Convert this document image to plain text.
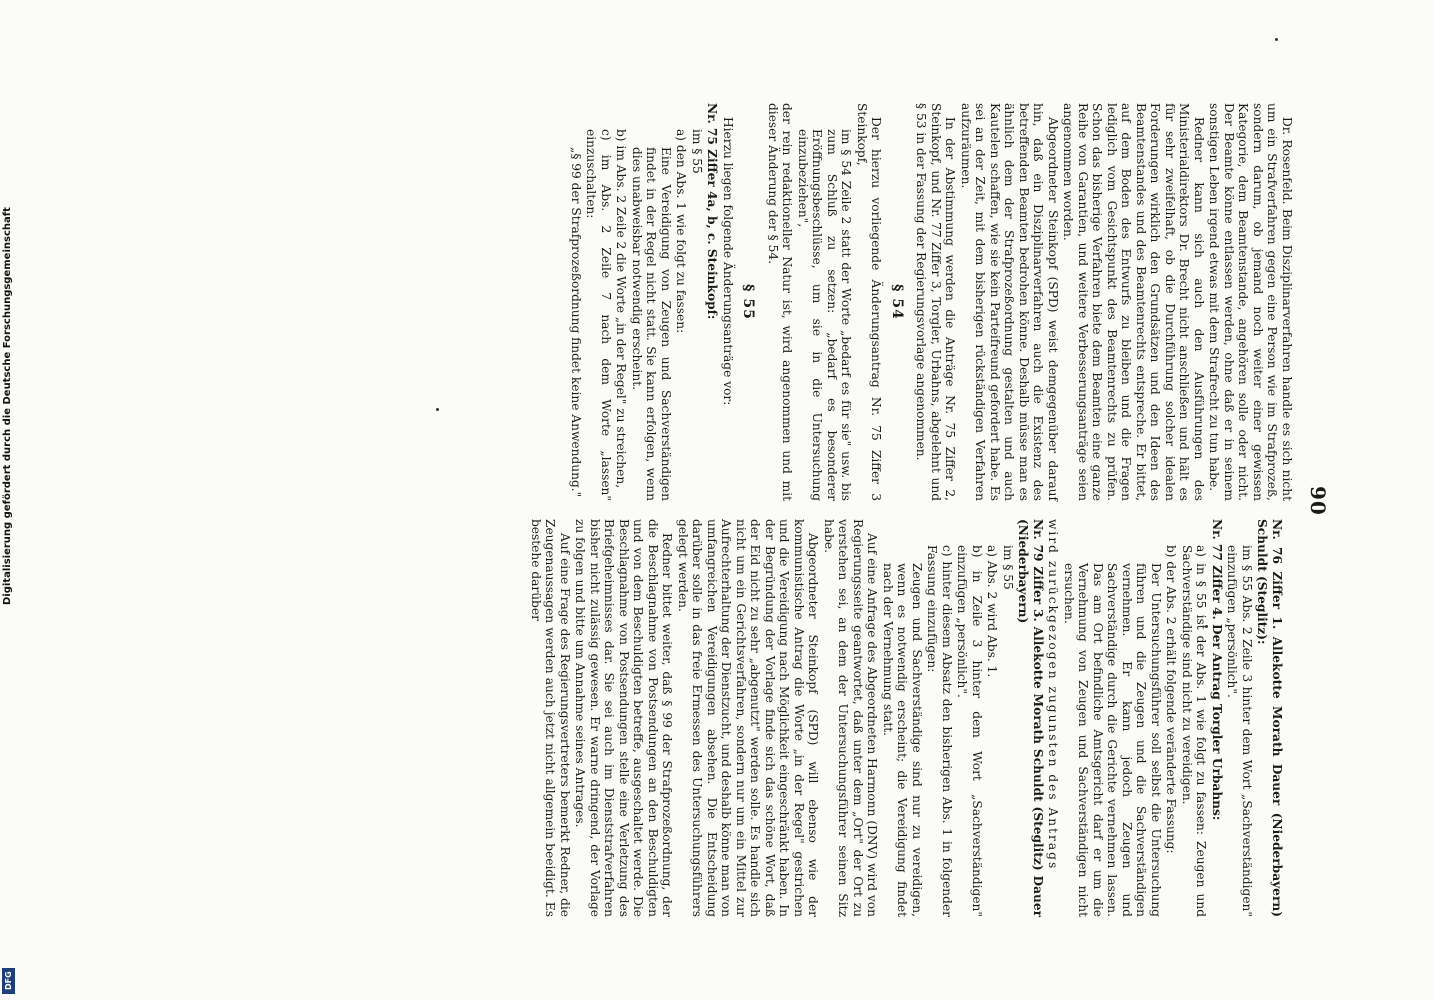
DFG
Digitalisierung gefördert durch die Deutsche Forschungsgemeinschaft	90

Dr. Rosenfeld. Beim Disziplinarverfahren handle es sich nicht um ein Strafverfahren gegen eine Person wie im Strafprozeß, sondern darum, ob jemand noch weiter einer gewissen Kategorie, dem Beamtenstande, angehören solle oder nicht. Der Beamte könne entlassen werden, ohne daß er in seinem sonstigen Leben irgend etwas mit dem Strafrecht zu tun habe.

Redner kann sich auch den Ausführungen des Ministerialdirektors Dr. Brecht nicht anschließen und hält es für sehr zweifelhaft, ob die Durchführung solcher idealen Forderungen wirklich den Grundsätzen und den Ideen des Beamtenstandes und des Beamtenrechts entspreche. Er bittet, auf dem Boden des Entwurfs zu bleiben und die Fragen lediglich vom Gesichtspunkt des Beamtenrechts zu prüfen. Schon das bisherige Verfahren biete dem Beamten eine ganze Reihe von Garantien, und weitere Verbesserungsanträge seien angenommen worden.

Abgeordneter Steinkopf (SPD) weist demgegenüber darauf hin, daß ein Disziplinarverfahren auch die Existenz des betreffenden Beamten bedrohen könne. Deshalb müsse man es ähnlich dem der Strafprozeßordnung gestalten und auch Kautelen schaffen, wie sie kein Parteifreund gefordert habe. Es sei an der Zeit, mit dem bisherigen rückständigen Verfahren aufzuräumen.

In der Abstimmung werden die Anträge Nr. 75 Ziffer 2, Steinkopf, und Nr. 77 Ziffer 3, Torgler, Urbahns, abgelehnt und § 53 in der Fassung der Regierungsvorlage angenommen.

§ 54

Der hierzu vorliegende Änderungsantrag Nr. 75 Ziffer 3 Steinkopf,

im § 54 Zeile 2 statt der Worte „bedarf es für sie" usw. bis zum Schluß zu setzen: „bedarf es besonderer Eröffnungsbeschlüsse, um sie in die Untersuchung einzubeziehen",

der rein redaktioneller Natur ist, wird angenommen und mit dieser Änderung der § 54.

§ 55

Hierzu liegen folgende Änderungsanträge vor:

Nr. 75 Ziffer 4a, b, c. Steinkopf:

im § 55

a) den Abs. 1 wie folgt zu fassen:

Eine Vereidigung von Zeugen und Sachverständigen findet in der Regel nicht statt. Sie kann erfolgen, wenn dies unabweisbar notwendig erscheint.

b) im Abs. 2 Zeile 2 die Worte „in der Regel" zu streichen,

c) im Abs. 2 Zeile 7 nach dem Worte „lassen" einzuschalten:

„§ 99 der Strafprozeßordnung findet keine Anwendung."

Nr. 76 Ziffer 1. Allekotte Morath Dauer (Niederbayern) Schuldt (Steglitz):

im § 55 Abs. 2 Zeile 3 hinter dem Wort „Sachverständigen" einzufügen „persönlich".

Nr. 77 Ziffer 4. Der Antrag Torgler Urbahns:

a) in § 55 ist der Abs. 1 wie folgt zu fassen: Zeugen und Sachverständige sind nicht zu vereidigen.

b) der Abs. 2 erhält folgende veränderte Fassung:

Der Untersuchungsführer soll selbst die Untersuchung führen und die Zeugen und die Sachverständigen vernehmen. Er kann jedoch Zeugen und Sachverständige durch die Gerichte vernehmen lassen. Das am Ort befindliche Amtsgericht darf er um die Vernehmung von Zeugen und Sachverständigen nicht ersuchen.

wird zurückgezogen zugunsten des Antrags

Nr. 79 Ziffer 3. Allekotte Morath Schuldt (Steglitz) Dauer (Niederbayern)

im § 55

a) Abs. 2 wird Abs. 1.

b) in Zeile 3 hinter dem Wort „Sachverständigen" einzufügen „persönlich".

c) hinter diesem Absatz den bisherigen Abs. 1 in folgender Fassung einzufügen:

Zeugen und Sachverständige sind nur zu vereidigen, wenn es notwendig erscheint; die Vereidigung findet nach der Vernehmung statt.

Auf eine Anfrage des Abgeordneten Harmonn (DNV) wird von Regierungsseite geantwortet, daß unter dem „Ort" der Ort zu verstehen sei, an dem der Untersuchungsführer seinen Sitz habe.

Abgeordneter Steinkopf (SPD) will ebenso wie der kommunistische Antrag die Worte „in der Regel" gestrichen und die Vereidigung nach Möglichkeit eingeschränkt haben. In der Begründung der Vorlage finde sich das schöne Wort, daß der Eid nicht zu sehr „abgenutzt" werden solle. Es handle sich nicht um ein Gerichtsverfahren, sondern nur um ein Mittel zur Aufrechterhaltung der Dienstzucht, und deshalb könne man von umfangreichen Vereidigungen absehen. Die Entscheidung darüber solle in das freie Ermessen des Untersuchungsführers gelegt werden.

Redner bittet weiter, daß § 99 der Strafprozeßordnung, der die Beschlagnahme von Postsendungen an den Beschuldigten und von dem Beschuldigten betreffe, ausgeschaltet werde. Die Beschlagnahme von Postsendungen stelle eine Verletzung des Briefgeheimnisses dar. Sie sei auch im Dienststrafverfahren bisher nicht zulässig gewesen. Er warne dringend, der Vorlage zu folgen und bitte um Annahme seines Antrages.

Auf eine Frage des Regierungsvertreters bemerkt Redner, die Zeugenaussagen werden auch jetzt nicht allgemein beeidigt. Es bestehe darüber
